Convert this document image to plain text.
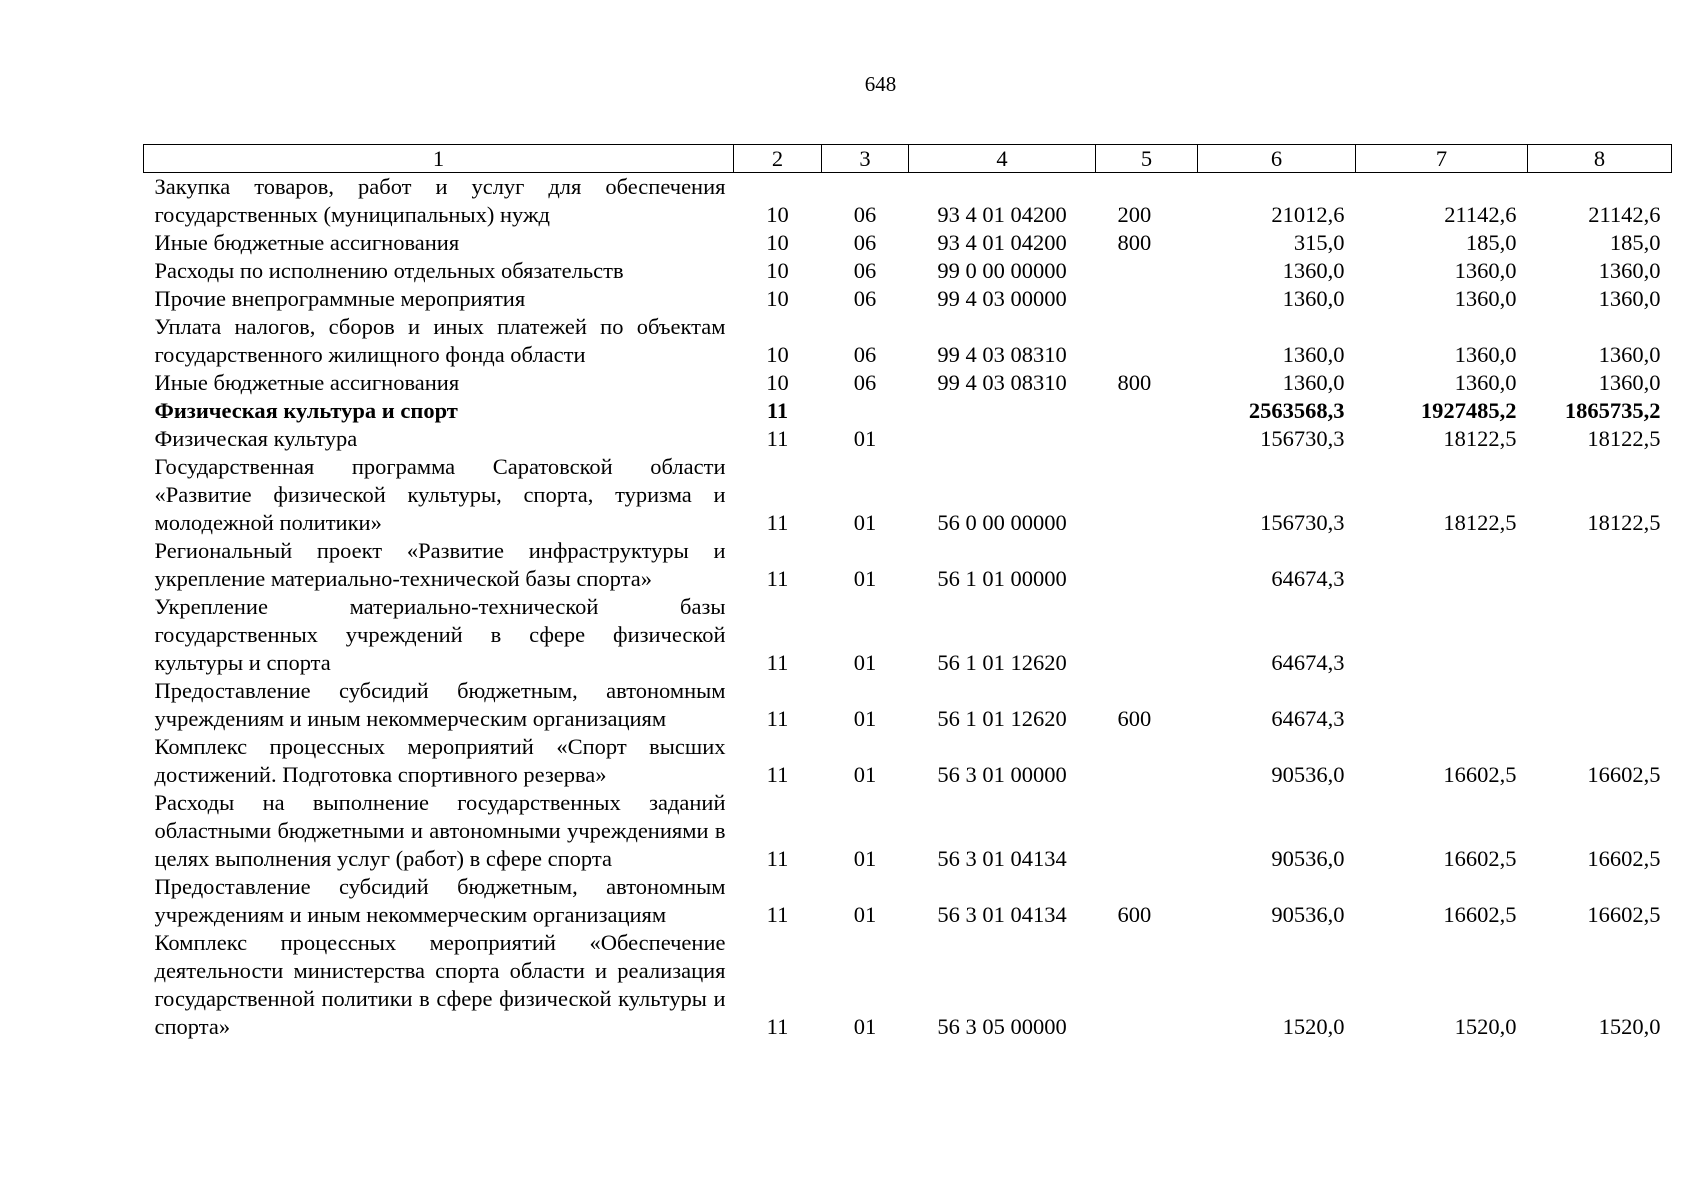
648
1	2	3	4	5	6	7	8
Закупка товаров, работ и услуг для обеспечения государственных (муниципальных) нужд	10	06	93 4 01 04200	200	21012,6	21142,6	21142,6
Иные бюджетные ассигнования	10	06	93 4 01 04200	800	315,0	185,0	185,0
Расходы по исполнению отдельных обязательств	10	06	99 0 00 00000		1360,0	1360,0	1360,0
Прочие внепрограммные мероприятия	10	06	99 4 03 00000		1360,0	1360,0	1360,0
Уплата налогов, сборов и иных платежей по объектам государственного жилищного фонда области	10	06	99 4 03 08310		1360,0	1360,0	1360,0
Иные бюджетные ассигнования	10	06	99 4 03 08310	800	1360,0	1360,0	1360,0
Физическая культура и спорт	11				2563568,3	1927485,2	1865735,2
Физическая культура	11	01			156730,3	18122,5	18122,5
Государственная программа Саратовской области «Развитие физической культуры, спорта, туризма и молодежной политики»	11	01	56 0 00 00000		156730,3	18122,5	18122,5
Региональный проект «Развитие инфраструктуры и укрепление материально-технической базы спорта»	11	01	56 1 01 00000		64674,3		
Укрепление материально-технической базы государственных учреждений в сфере физической культуры и спорта	11	01	56 1 01 12620		64674,3		
Предоставление субсидий бюджетным, автономным учреждениям и иным некоммерческим организациям	11	01	56 1 01 12620	600	64674,3		
Комплекс процессных мероприятий «Спорт высших достижений. Подготовка спортивного резерва»	11	01	56 3 01 00000		90536,0	16602,5	16602,5
Расходы на выполнение государственных заданий областными бюджетными и автономными учреждениями в целях выполнения услуг (работ) в сфере спорта	11	01	56 3 01 04134		90536,0	16602,5	16602,5
Предоставление субсидий бюджетным, автономным учреждениям и иным некоммерческим организациям	11	01	56 3 01 04134	600	90536,0	16602,5	16602,5
Комплекс процессных мероприятий «Обеспечение деятельности министерства спорта области и реализация государственной политики в сфере физической культуры и спорта»	11	01	56 3 05 00000		1520,0	1520,0	1520,0
